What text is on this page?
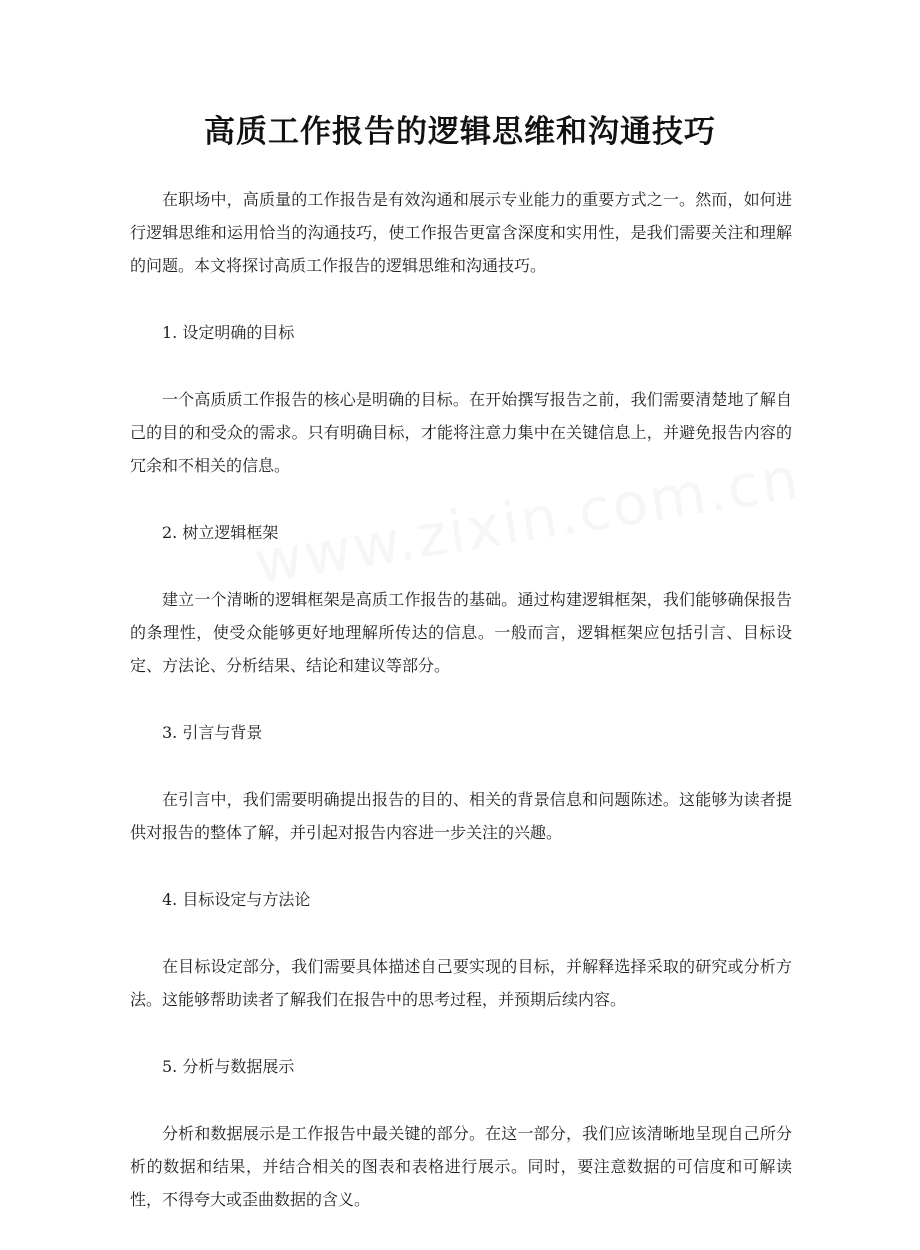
高质工作报告的逻辑思维和沟通技巧

在职场中，高质量的工作报告是有效沟通和展示专业能力的重要方式之一。然而，如何进行逻辑思维和运用恰当的沟通技巧，使工作报告更富含深度和实用性，是我们需要关注和理解的问题。本文将探讨高质工作报告的逻辑思维和沟通技巧。

1. 设定明确的目标

一个高质质工作报告的核心是明确的目标。在开始撰写报告之前，我们需要清楚地了解自己的目的和受众的需求。只有明确目标，才能将注意力集中在关键信息上，并避免报告内容的冗余和不相关的信息。

2. 树立逻辑框架

建立一个清晰的逻辑框架是高质工作报告的基础。通过构建逻辑框架，我们能够确保报告的条理性，使受众能够更好地理解所传达的信息。一般而言，逻辑框架应包括引言、目标设定、方法论、分析结果、结论和建议等部分。

3. 引言与背景

在引言中，我们需要明确提出报告的目的、相关的背景信息和问题陈述。这能够为读者提供对报告的整体了解，并引起对报告内容进一步关注的兴趣。

4. 目标设定与方法论

在目标设定部分，我们需要具体描述自己要实现的目标，并解释选择采取的研究或分析方法。这能够帮助读者了解我们在报告中的思考过程，并预期后续内容。

5. 分析与数据展示

分析和数据展示是工作报告中最关键的部分。在这一部分，我们应该清晰地呈现自己所分析的数据和结果，并结合相关的图表和表格进行展示。同时，要注意数据的可信度和可解读性，不得夸大或歪曲数据的含义。
